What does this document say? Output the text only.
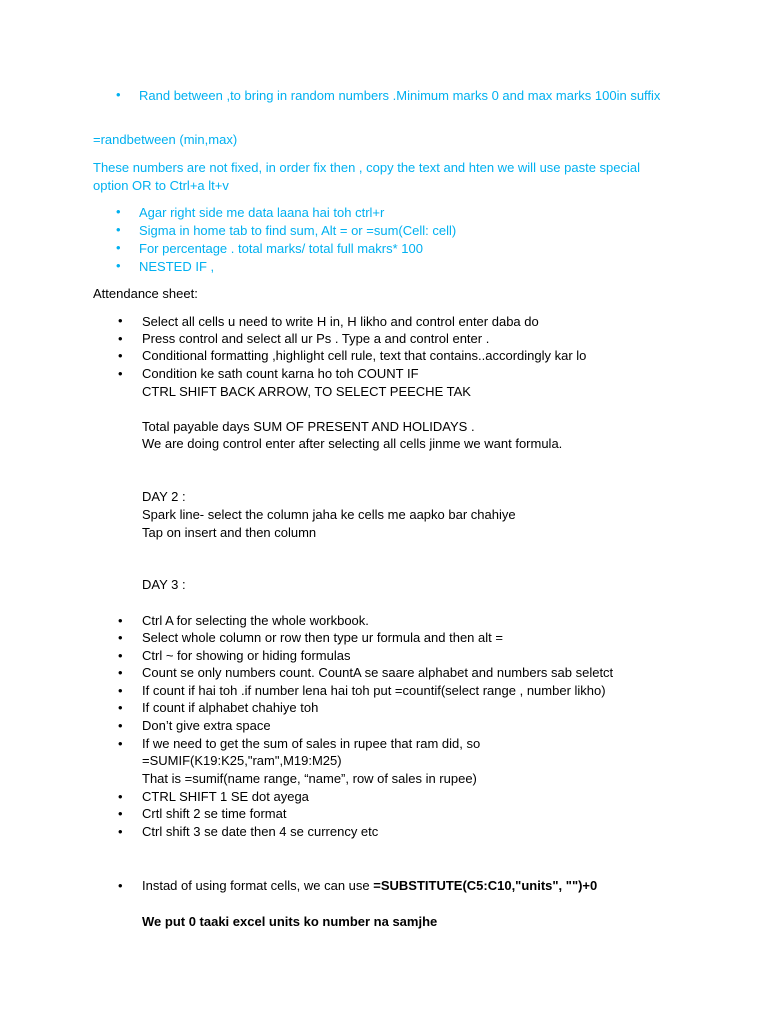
• Rand between ,to bring in random numbers .Minimum marks 0 and max marks 100in suffix
=randbetween (min,max)
These numbers are not fixed, in order fix then , copy the text and hten we will use paste special
option OR to Ctrl+a lt+v
• Agar right side me data laana hai toh ctrl+r
• Sigma in home tab to find sum, Alt = or =sum(Cell: cell)
• For percentage . total marks/ total full makrs* 100
• NESTED IF ,
Attendance sheet:
• Select all cells u need to write H in, H likho and control enter daba do
• Press control and select all ur Ps . Type a and control enter .
• Conditional formatting ,highlight cell rule, text that contains..accordingly kar lo
• Condition ke sath count karna ho toh COUNT IF
CTRL SHIFT BACK ARROW, TO SELECT PEECHE TAK
Total payable days SUM OF PRESENT AND HOLIDAYS .
We are doing control enter after selecting all cells jinme we want formula.
DAY 2 :
Spark line- select the column jaha ke cells me aapko bar chahiye
Tap on insert and then column
DAY 3 :
• Ctrl A for selecting the whole workbook.
• Select whole column or row then type ur formula and then alt =
• Ctrl ~ for showing or hiding formulas
• Count se only numbers count. CountA se saare alphabet and numbers sab seletct
• If count if hai toh .if number lena hai toh put =countif(select range , number likho)
• If count if alphabet chahiye toh
• Don’t give extra space
• If we need to get the sum of sales in rupee that ram did, so
=SUMIF(K19:K25,"ram",M19:M25)
That is =sumif(name range, “name”, row of sales in rupee)
• CTRL SHIFT 1 SE dot ayega
• Crtl shift 2 se time format
• Ctrl shift 3 se date then 4 se currency etc
• Instad of using format cells, we can use =SUBSTITUTE(C5:C10,"units", "")+0
We put 0 taaki excel units ko number na samjhe
